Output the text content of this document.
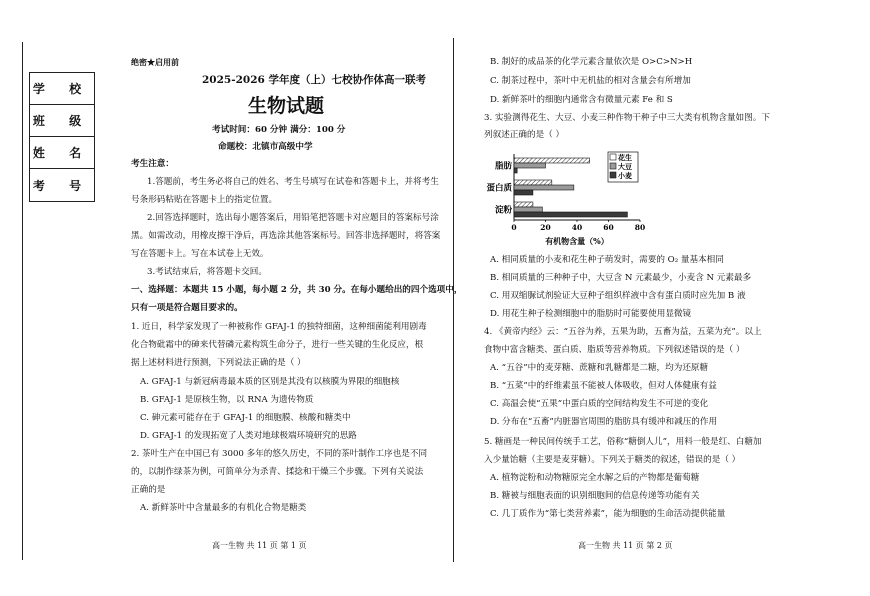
学 校
班 级
姓 名
考 号
绝密★启用前
2025-2026 学年度（上）七校协作体高一联考
生物试题
考试时间：60 分钟 满分：100 分
命题校：北镇市高级中学
考生注意：
1.答题前，考生务必将自己的姓名、考生号填写在试卷和答题卡上，并将考生
号条形码粘贴在答题卡上的指定位置。
2.回答选择题时，选出每小题答案后，用铅笔把答题卡对应题目的答案标号涂
黑。如需改动，用橡皮擦干净后，再选涂其他答案标号。回答非选择题时，将答案
写在答题卡上。写在本试卷上无效。
3.考试结束后，将答题卡交回。
一、选择题：本题共 15 小题，每小题 2 分，共 30 分。在每小题给出的四个选项中，
只有一项是符合题目要求的。
1. 近日，科学家发现了一种被称作 GFAJ-1 的独特细菌，这种细菌能利用剧毒
化合物砒霜中的砷来代替磷元素构筑生命分子，进行一些关键的生化反应，根
据上述材料进行预测，下列说法正确的是（ ）
A. GFAJ-1 与新冠病毒最本质的区别是其没有以核膜为界限的细胞核
B. GFAJ-1 是原核生物，以 RNA 为遗传物质
C. 砷元素可能存在于 GFAJ-1 的细胞膜、核酸和糖类中
D. GFAJ-1 的发现拓宽了人类对地球极端环境研究的思路
2. 茶叶生产在中国已有 3000 多年的悠久历史，不同的茶叶制作工序也是不同
的，以制作绿茶为例，可简单分为杀青、揉捻和干燥三个步骤。下列有关说法
正确的是
A. 新鲜茶叶中含量最多的有机化合物是糖类
高一生物 共 11 页 第 1 页
B. 制好的成品茶的化学元素含量依次是 O>C>N>H
C. 制茶过程中，茶叶中无机盐的相对含量会有所增加
D. 新鲜茶叶的细胞内通常含有微量元素 Fe 和 S
3. 实验测得花生、大豆、小麦三种作物干种子中三大类有机物含量如图。下
列叙述正确的是（ ）
0	20	40	60	80
有机物含量（%）
脂肪
蛋白质
淀粉
花生
大豆
小麦
A. 相同质量的小麦和花生种子萌发时，需要的 O₂ 量基本相同
B. 相同质量的三种种子中，大豆含 N 元素最少，小麦含 N 元素最多
C. 用双缩脲试剂验证大豆种子组织样液中含有蛋白质时应先加 B 液
D. 用花生种子检测细胞中的脂肪时可能要使用显微镜
4. 《黄帝内经》云：“五谷为养，五果为助，五畜为益，五菜为充”。以上
食物中富含糖类、蛋白质、脂质等营养物质。下列叙述错误的是（ ）
A. “五谷”中的麦芽糖、蔗糖和乳糖都是二糖，均为还原糖
B. “五菜”中的纤维素虽不能被人体吸收，但对人体健康有益
C. 高温会使“五果”中蛋白质的空间结构发生不可逆的变化
D. 分布在“五畜”内脏器官周围的脂肪具有缓冲和减压的作用
5. 糖画是一种民间传统手工艺，俗称“糖倒人儿”，用料一般是红、白糖加
入少量饴糖（主要是麦芽糖）。下列关于糖类的叙述，错误的是（ ）
A. 植物淀粉和动物糖原完全水解之后的产物都是葡萄糖
B. 糖被与细胞表面的识别细胞间的信息传递等功能有关
C. 几丁质作为“第七类营养素”，能为细胞的生命活动提供能量
高一生物 共 11 页 第 2 页
